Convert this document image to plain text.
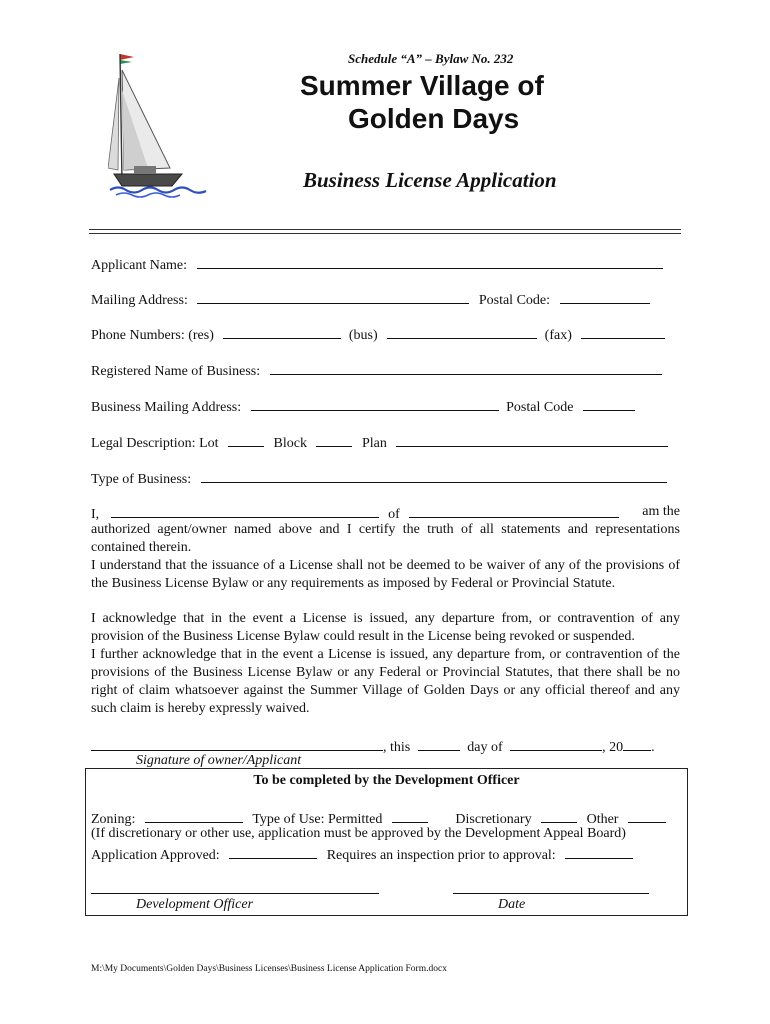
Schedule “A” – Bylaw No. 232
Summer Village of
Golden Days
Business License Application
Applicant Name:
Mailing Address:	Postal Code:
Phone Numbers: (res)	(bus)	(fax)
Registered Name of Business:
Business Mailing Address:	Postal Code
Legal Description: Lot	Block	Plan
Type of Business:
I,	of	am the
authorized agent/owner named above and I certify the truth of all statements and representations contained therein.
I understand that the issuance of a License shall not be deemed to be waiver of any of the provisions of the Business License Bylaw or any requirements as imposed by Federal or Provincial Statute.
I acknowledge that in the event a License is issued, any departure from, or contravention of any provision of the Business License Bylaw could result in the License being revoked or suspended.
I further acknowledge that in the event a License is issued, any departure from, or contravention of the provisions of the Business License Bylaw or any Federal or Provincial Statutes, that there shall be no right of claim whatsoever against the Summer Village of Golden Days or any official thereof and any such claim is hereby expressly waived.
, this	day of	, 20 .
Signature of owner/Applicant
To be completed by the Development Officer
Zoning:	Type of Use: Permitted	Discretionary	Other
(If discretionary or other use, application must be approved by the Development Appeal Board)
Application Approved:	Requires an inspection prior to approval:
Development Officer	Date
M:\My Documents\Golden Days\Business Licenses\Business License Application Form.docx
